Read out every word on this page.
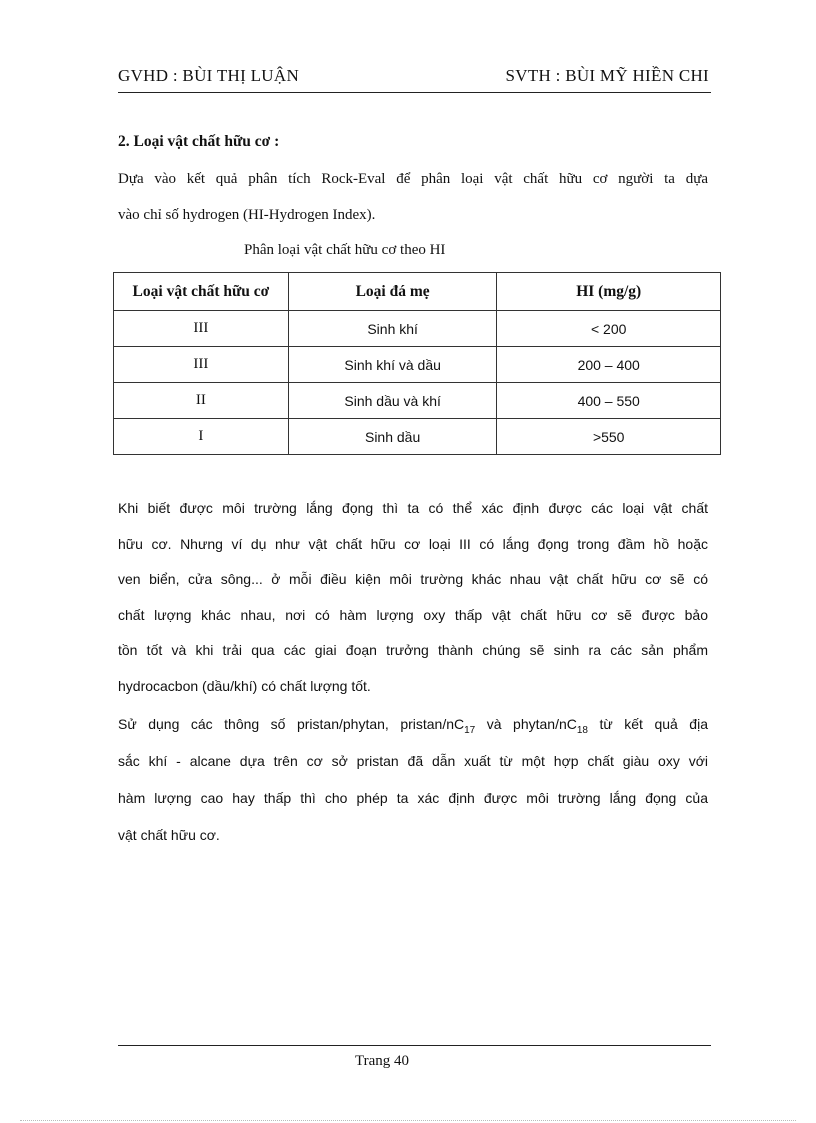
GVHD : BÙI THỊ LUẬN	SVTH : BÙI MỸ HIỀN CHI
2. Loại vật chất hữu cơ :
Dựa vào kết quả phân tích Rock-Eval để phân loại vật chất hữu cơ người ta dựa
vào chỉ số hydrogen (HI-Hydrogen Index).
Phân loại vật chất hữu cơ theo HI
Loại vật chất hữu cơ	Loại đá mẹ	HI (mg/g)
III	Sinh khí	< 200
III	Sinh khí và dầu	200 – 400
II	Sinh dầu và khí	400 – 550
I	Sinh dầu	>550
Khi biết được môi trường lắng đọng thì ta có thể xác định được các loại vật chất
hữu cơ. Nhưng ví dụ như vật chất hữu cơ loại III có lắng đọng trong đầm hồ hoặc
ven biển, cửa sông... ở mỗi điều kiện môi trường khác nhau vật chất hữu cơ sẽ có
chất lượng khác nhau, nơi có hàm lượng oxy thấp vật chất hữu cơ sẽ được bảo
tồn tốt và khi trải qua các giai đoạn trưởng thành chúng sẽ sinh ra các sản phẩm
hydrocacbon (dầu/khí) có chất lượng tốt.
Sử dụng các thông số pristan/phytan, pristan/$nC_{17}$ và phytan/$nC_{18}$ từ kết quả địa
sắc khí - alcane dựa trên cơ sở pristan đã dẫn xuất từ một hợp chất giàu oxy với
hàm lượng cao hay thấp thì cho phép ta xác định được môi trường lắng đọng của
vật chất hữu cơ.
Trang 40
